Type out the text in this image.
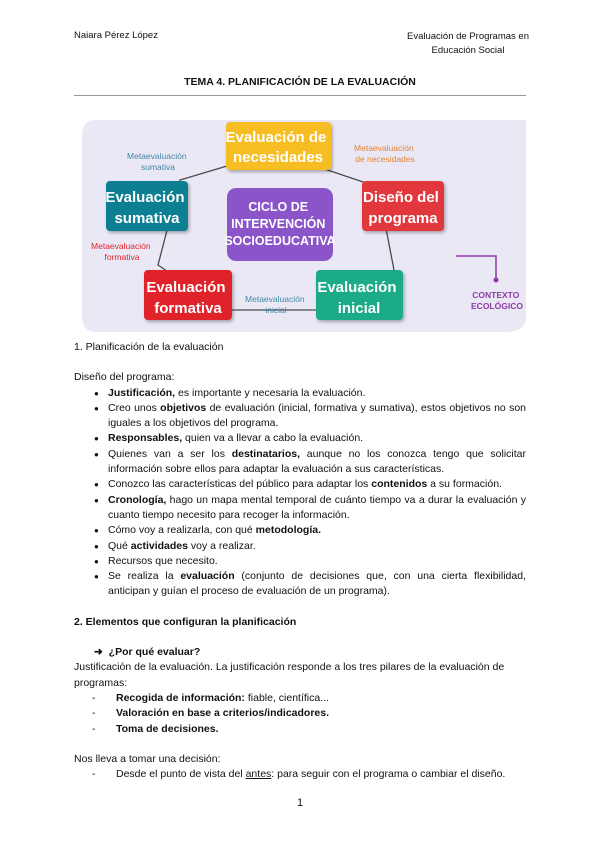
Naiara Pérez López	Evaluación de Programas en
Educación Social
TEMA 4. PLANIFICACIÓN DE LA EVALUACIÓN
CICLO DE INTERVENCIÓN SOCIOEDUCATIVA
Evaluación de necesidades
Diseño del programa
Evaluación inicial
Evaluación formativa
Evaluación sumativa
Metaevaluación sumativa
Metaevaluación de necesidades
Metaevaluación formativa
Metaevaluación inicial
CONTEXTO ECOLÓGICO

1. Planificación de la evaluación

Diseño del programa:

● Justificación, es importante y necesaria la evaluación.
● Creo unos objetivos de evaluación (inicial, formativa y sumativa), estos objetivos no son iguales a los objetivos del programa.
● Responsables, quien va a llevar a cabo la evaluación.
● Quienes van a ser los destinatarios, aunque no los conozca tengo que solicitar información sobre ellos para adaptar la evaluación a sus características.
● Conozco las características del público para adaptar los contenidos a su formación.
● Cronología, hago un mapa mental temporal de cuánto tiempo va a durar la evaluación y cuanto tiempo necesito para recoger la información.
● Cómo voy a realizarla, con qué metodología.
● Qué actividades voy a realizar.
● Recursos que necesito.
● Se realiza la evaluación (conjunto de decisiones que, con una cierta flexibilidad, anticipan y guían el proceso de evaluación de un programa).

2. Elementos que configuran la planificación

➜ ¿Por qué evaluar?

Justificación de la evaluación. La justificación responde a los tres pilares de la evaluación de programas:

- Recogida de información: fiable, científica...
- Valoración en base a criterios/indicadores.
- Toma de decisiones.

Nos lleva a tomar una decisión:

- Desde el punto de vista del antes: para seguir con el programa o cambiar el diseño.
1
